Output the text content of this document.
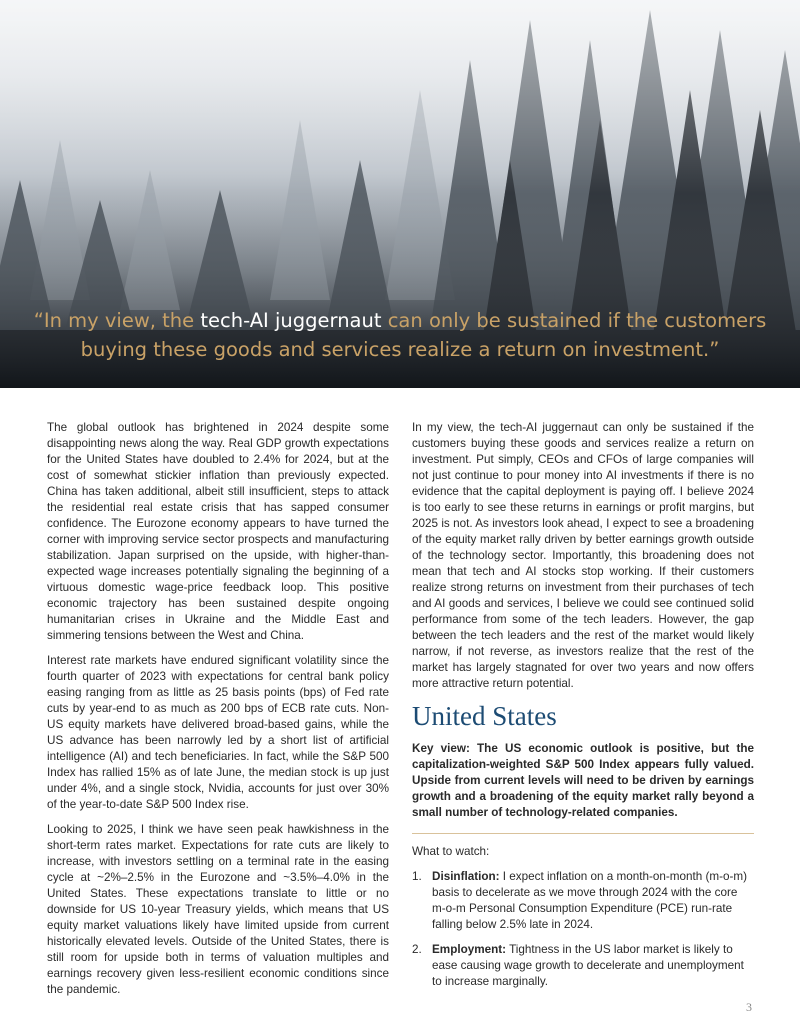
“In my view, the tech-AI juggernaut can only be sustained if the customers buying these goods and services realize a return on investment.”

The global outlook has brightened in 2024 despite some disappointing news along the way. Real GDP growth expectations for the United States have doubled to 2.4% for 2024, but at the cost of somewhat stickier inflation than previously expected. China has taken additional, albeit still insufficient, steps to attack the residential real estate crisis that has sapped consumer confidence. The Eurozone economy appears to have turned the corner with improving service sector prospects and manufacturing stabilization. Japan surprised on the upside, with higher-than-expected wage increases potentially signaling the beginning of a virtuous domestic wage-price feedback loop. This positive economic trajectory has been sustained despite ongoing humanitarian crises in Ukraine and the Middle East and simmering tensions between the West and China.

Interest rate markets have endured significant volatility since the fourth quarter of 2023 with expectations for central bank policy easing ranging from as little as 25 basis points (bps) of Fed rate cuts by year-end to as much as 200 bps of ECB rate cuts. Non-US equity markets have delivered broad-based gains, while the US advance has been narrowly led by a short list of artificial intelligence (AI) and tech beneficiaries. In fact, while the S&P 500 Index has rallied 15% as of late June, the median stock is up just under 4%, and a single stock, Nvidia, accounts for just over 30% of the year-to-date S&P 500 Index rise.

Looking to 2025, I think we have seen peak hawkishness in the short-term rates market. Expectations for rate cuts are likely to increase, with investors settling on a terminal rate in the easing cycle at ~2%–2.5% in the Eurozone and ~3.5%–4.0% in the United States. These expectations translate to little or no downside for US 10-year Treasury yields, which means that US equity market valuations likely have limited upside from current historically elevated levels. Outside of the United States, there is still room for upside both in terms of valuation multiples and earnings recovery given less-resilient economic conditions since the pandemic.

In my view, the tech-AI juggernaut can only be sustained if the customers buying these goods and services realize a return on investment. Put simply, CEOs and CFOs of large companies will not just continue to pour money into AI investments if there is no evidence that the capital deployment is paying off. I believe 2024 is too early to see these returns in earnings or profit margins, but 2025 is not. As investors look ahead, I expect to see a broadening of the equity market rally driven by better earnings growth outside of the technology sector. Importantly, this broadening does not mean that tech and AI stocks stop working. If their customers realize strong returns on investment from their purchases of tech and AI goods and services, I believe we could see continued solid performance from some of the tech leaders. However, the gap between the tech leaders and the rest of the market would likely narrow, if not reverse, as investors realize that the rest of the market has largely stagnated for over two years and now offers more attractive return potential.

United States

Key view: The US economic outlook is positive, but the capitalization-weighted S&P 500 Index appears fully valued. Upside from current levels will need to be driven by earnings growth and a broadening of the equity market rally beyond a small number of technology-related companies.

What to watch:

1. Disinflation: I expect inflation on a month-on-month (m-o-m) basis to decelerate as we move through 2024 with the core m-o-m Personal Consumption Expenditure (PCE) run-rate falling below 2.5% late in 2024.
2. Employment: Tightness in the US labor market is likely to ease causing wage growth to decelerate and unemployment to increase marginally.
3
